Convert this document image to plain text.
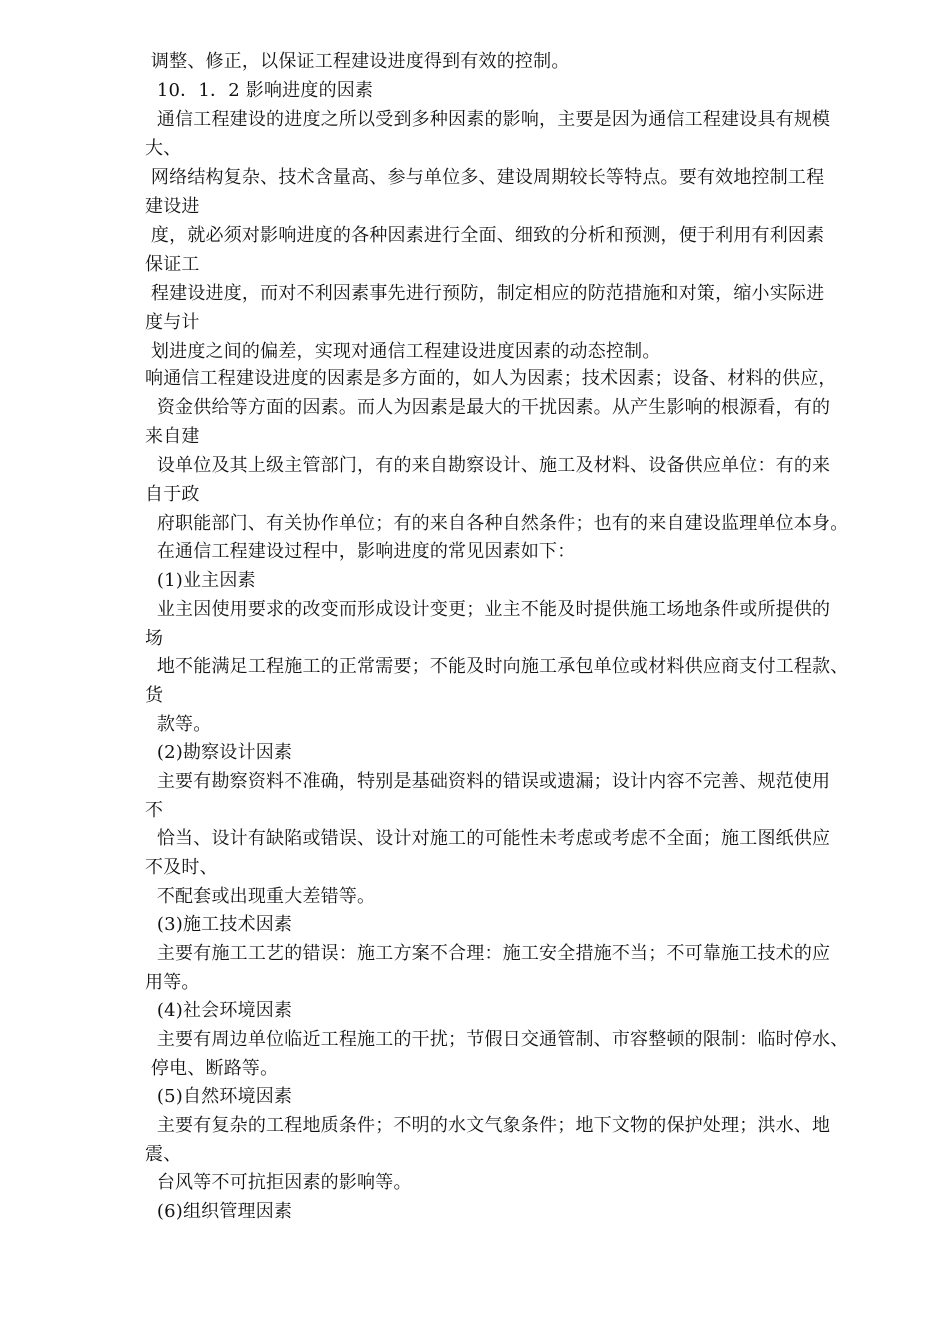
调整、修正，以保证工程建设进度得到有效的控制。
10．1．2 影响进度的因素
通信工程建设的进度之所以受到多种因素的影响，主要是因为通信工程建设具有规模
大、
网络结构复杂、技术含量高、参与单位多、建设周期较长等特点。要有效地控制工程
建设进
度，就必须对影响进度的各种因素进行全面、细致的分析和预测，便于利用有利因素
保证工
程建设进度，而对不利因素事先进行预防，制定相应的防范措施和对策，缩小实际进
度与计
划进度之间的偏差，实现对通信工程建设进度因素的动态控制。
响通信工程建设进度的因素是多方面的，如人为因素；技术因素；设备、材料的供应，
资金供给等方面的因素。而人为因素是最大的干扰因素。从产生影响的根源看，有的
来自建
设单位及其上级主管部门，有的来自勘察设计、施工及材料、设备供应单位：有的来
自于政
府职能部门、有关协作单位；有的来自各种自然条件；也有的来自建设监理单位本身。
在通信工程建设过程中，影响进度的常见因素如下：
(1)业主因素
业主因使用要求的改变而形成设计变更；业主不能及时提供施工场地条件或所提供的
场
地不能满足工程施工的正常需要；不能及时向施工承包单位或材料供应商支付工程款、
货
款等。
(2)勘察设计因素
主要有勘察资料不准确，特别是基础资料的错误或遗漏；设计内容不完善、规范使用
不
恰当、设计有缺陷或错误、设计对施工的可能性未考虑或考虑不全面；施工图纸供应
不及时、
不配套或出现重大差错等。
(3)施工技术因素
主要有施工工艺的错误：施工方案不合理：施工安全措施不当；不可靠施工技术的应
用等。
(4)社会环境因素
主要有周边单位临近工程施工的干扰；节假日交通管制、市容整顿的限制：临时停水、
停电、断路等。
(5)自然环境因素
主要有复杂的工程地质条件；不明的水文气象条件；地下文物的保护处理；洪水、地
震、
台风等不可抗拒因素的影响等。
(6)组织管理因素
